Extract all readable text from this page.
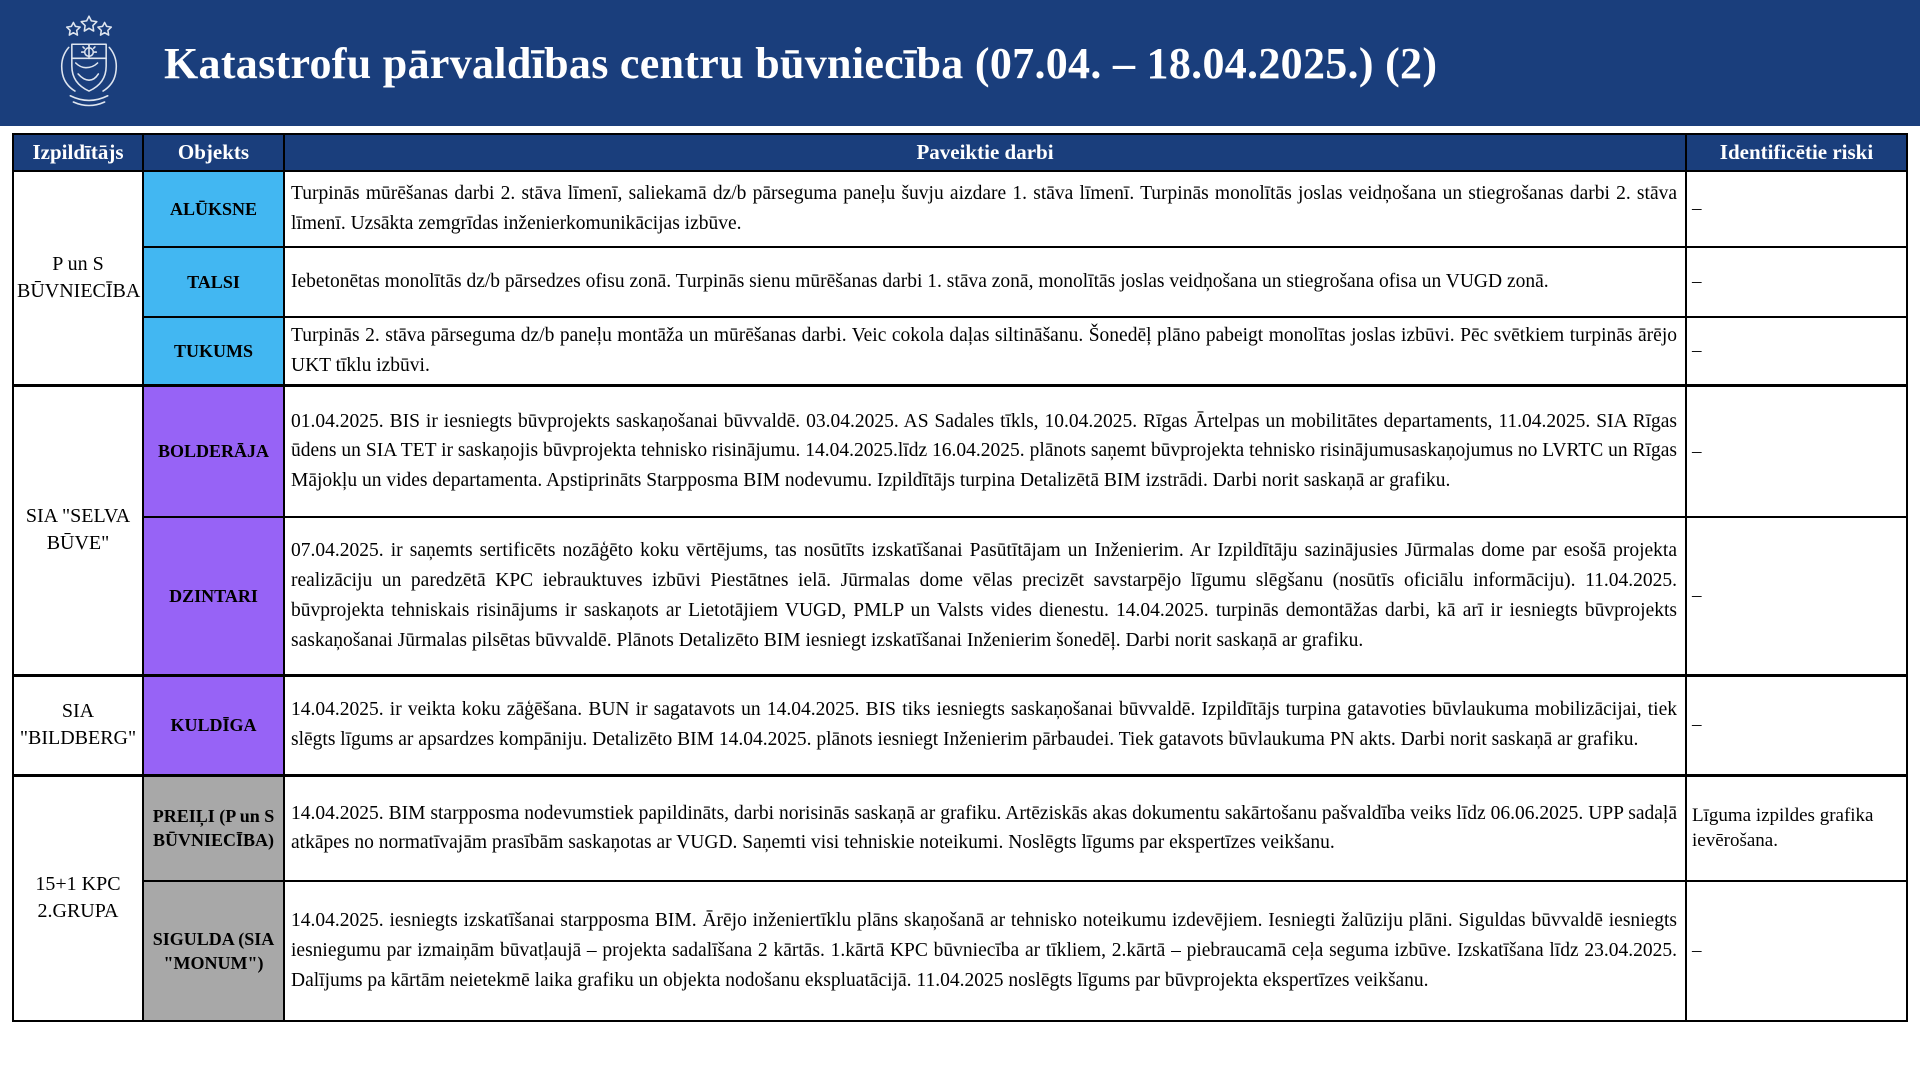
Katastrofu pārvaldības centru būvniecība (07.04. – 18.04.2025.) (2)
Izpildītājs	Objekts	Paveiktie darbi	Identificētie riski
P un S BŪVNIECĪBA	ALŪKSNE	Turpinās mūrēšanas darbi 2. stāva līmenī, saliekamā dz/b pārseguma paneļu šuvju aizdare 1. stāva līmenī. Turpinās monolītās joslas veidņošana un stiegrošanas darbi 2. stāva līmenī. Uzsākta zemgrīdas inženierkomunikācijas izbūve.	–
	TALSI	Iebetonētas monolītās dz/b pārsedzes ofisu zonā. Turpinās sienu mūrēšanas darbi 1. stāva zonā, monolītās joslas veidņošana un stiegrošana ofisa un VUGD zonā.	–
	TUKUMS	Turpinās 2. stāva pārseguma dz/b paneļu montāža un mūrēšanas darbi. Veic cokola daļas siltināšanu. Šonedēļ plāno pabeigt monolītas joslas izbūvi. Pēc svētkiem turpinās ārējo UKT tīklu izbūvi.	–
SIA "SELVA BŪVE"	BOLDERĀJA	01.04.2025. BIS ir iesniegts būvprojekts saskaņošanai būvvaldē. 03.04.2025. AS Sadales tīkls, 10.04.2025. Rīgas Ārtelpas un mobilitātes departaments, 11.04.2025. SIA Rīgas ūdens un SIA TET ir saskaņojis būvprojekta tehnisko risinājumu. 14.04.2025.līdz 16.04.2025. plānots saņemt būvprojekta tehnisko risinājumusaskaņojumus no LVRTC un Rīgas Mājokļu un vides departamenta. Apstiprināts Starpposma BIM nodevumu. Izpildītājs turpina Detalizētā BIM izstrādi. Darbi norit saskaņā ar grafiku.	–
	DZINTARI	07.04.2025. ir saņemts sertificēts nozāģēto koku vērtējums, tas nosūtīts izskatīšanai Pasūtītājam un Inženierim. Ar Izpildītāju sazinājusies Jūrmalas dome par esošā projekta realizāciju un paredzētā KPC iebrauktuves izbūvi Piestātnes ielā. Jūrmalas dome vēlas precizēt savstarpējo līgumu slēgšanu (nosūtīs oficiālu informāciju). 11.04.2025. būvprojekta tehniskais risinājums ir saskaņots ar Lietotājiem VUGD, PMLP un Valsts vides dienestu. 14.04.2025. turpinās demontāžas darbi, kā arī ir iesniegts būvprojekts saskaņošanai Jūrmalas pilsētas būvvaldē. Plānots Detalizēto BIM iesniegt izskatīšanai Inženierim šonedēļ. Darbi norit saskaņā ar grafiku.	–
SIA "BILDBERG"	KULDĪGA	14.04.2025. ir veikta koku zāģēšana. BUN ir sagatavots un 14.04.2025. BIS tiks iesniegts saskaņošanai būvvaldē. Izpildītājs turpina gatavoties būvlaukuma mobilizācijai, tiek slēgts līgums ar apsardzes kompāniju. Detalizēto BIM 14.04.2025. plānots iesniegt Inženierim pārbaudei. Tiek gatavots būvlaukuma PN akts. Darbi norit saskaņā ar grafiku.	–
15+1 KPC 2.GRUPA	PREIĻI (P un S BŪVNIECĪBA)	14.04.2025. BIM starpposma nodevumstiek papildināts, darbi norisinās saskaņā ar grafiku. Artēziskās akas dokumentu sakārtošanu pašvaldība veiks līdz 06.06.2025. UPP sadaļā atkāpes no normatīvajām prasībām saskaņotas ar VUGD. Saņemti visi tehniskie noteikumi. Noslēgts līgums par ekspertīzes veikšanu.	Līguma izpildes grafika ievērošana.
	SIGULDA (SIA "MONUM")	14.04.2025. iesniegts izskatīšanai starpposma BIM. Ārējo inženiertīklu plāns skaņošanā ar tehnisko noteikumu izdevējiem. Iesniegti žalūziju plāni. Siguldas būvvaldē iesniegts iesniegumu par izmaiņām būvatļaujā – projekta sadalīšana 2 kārtās. 1.kārtā KPC būvniecība ar tīkliem, 2.kārtā – piebraucamā ceļa seguma izbūve. Izskatīšana līdz 23.04.2025. Dalījums pa kārtām neietekmē laika grafiku un objekta nodošanu ekspluatācijā. 11.04.2025 noslēgts līgums par būvprojekta ekspertīzes veikšanu.	–
